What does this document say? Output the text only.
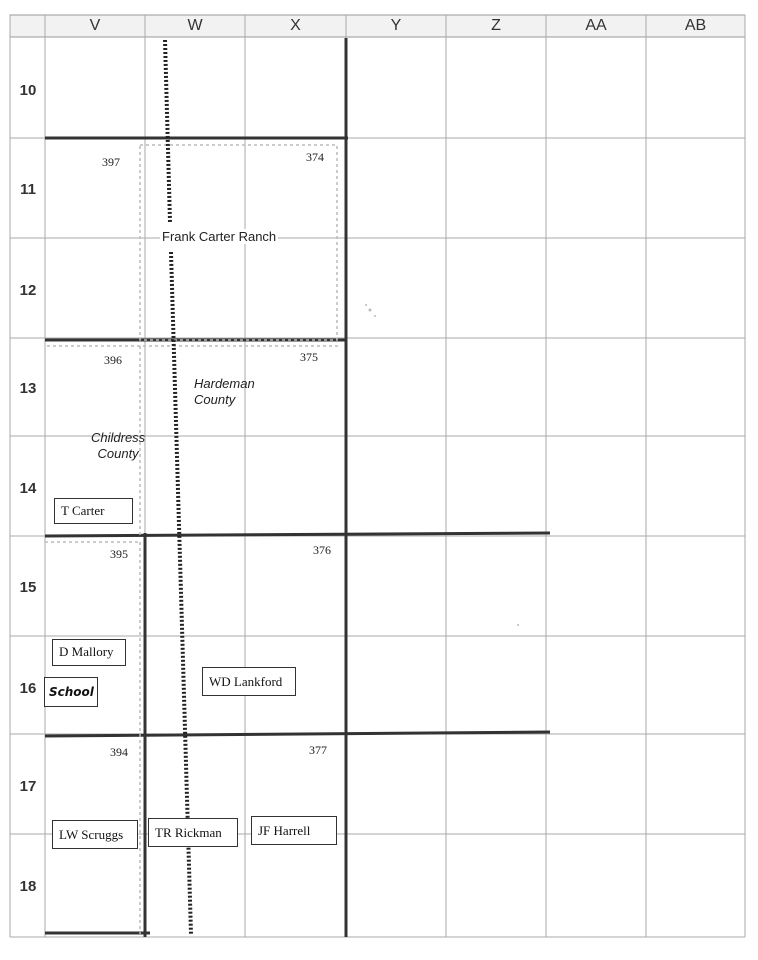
V	W	X	Y	Z	AA	AB
10
11
12
13
14
15
16
17
18
397	374
396	375
395	376
394	377
Frank Carter Ranch
Hardeman
County
Childress
County
T Carter
D Mallory
WD Lankford
LW Scruggs	TR Rickman	JF Harrell
School
